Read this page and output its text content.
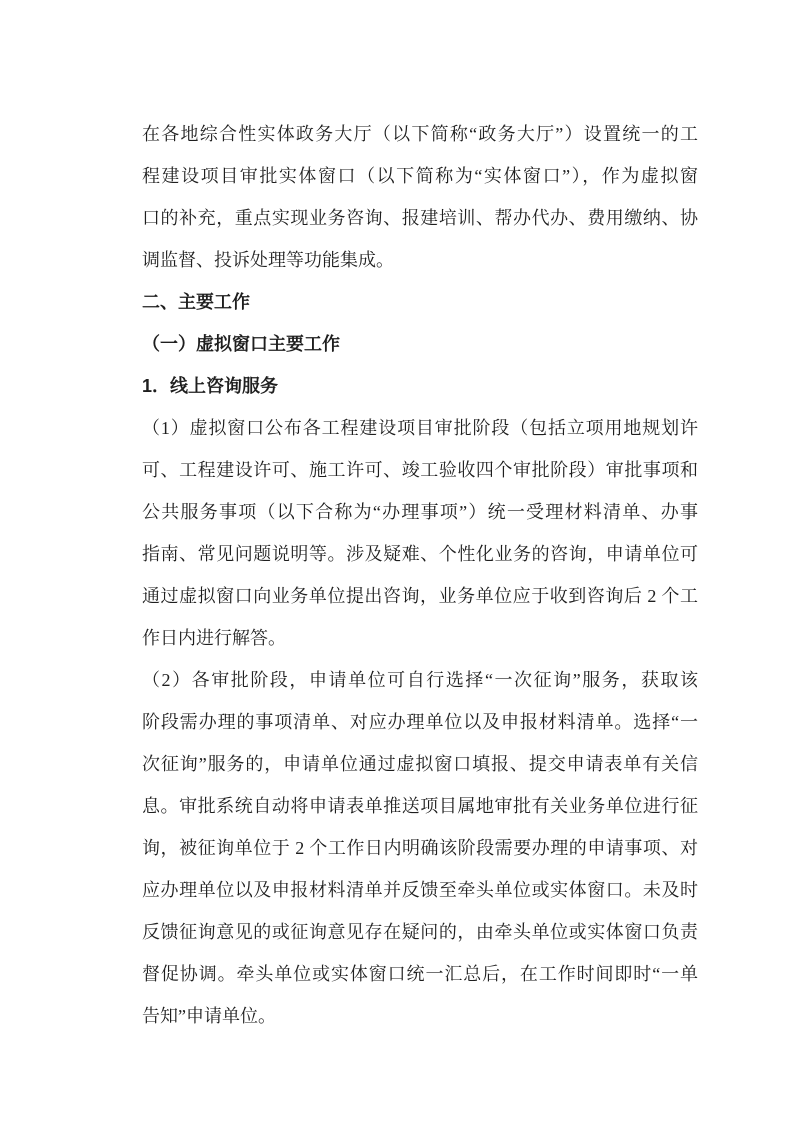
在各地综合性实体政务大厅（以下简称“政务大厅”）设置统一的工
程建设项目审批实体窗口（以下简称为“实体窗口”），作为虚拟窗
口的补充，重点实现业务咨询、报建培训、帮办代办、费用缴纳、协
调监督、投诉处理等功能集成。

二、主要工作
（一）虚拟窗口主要工作
1．线上咨询服务

（1）虚拟窗口公布各工程建设项目审批阶段（包括立项用地规划许
可、工程建设许可、施工许可、竣工验收四个审批阶段）审批事项和
公共服务事项（以下合称为“办理事项”）统一受理材料清单、办事
指南、常见问题说明等。涉及疑难、个性化业务的咨询，申请单位可
通过虚拟窗口向业务单位提出咨询，业务单位应于收到咨询后 2 个工
作日内进行解答。

（2）各审批阶段，申请单位可自行选择“一次征询”服务，获取该
阶段需办理的事项清单、对应办理单位以及申报材料清单。选择“一
次征询”服务的，申请单位通过虚拟窗口填报、提交申请表单有关信
息。审批系统自动将申请表单推送项目属地审批有关业务单位进行征
询，被征询单位于 2 个工作日内明确该阶段需要办理的申请事项、对
应办理单位以及申报材料清单并反馈至牵头单位或实体窗口。未及时
反馈征询意见的或征询意见存在疑问的，由牵头单位或实体窗口负责
督促协调。牵头单位或实体窗口统一汇总后，在工作时间即时“一单
告知”申请单位。
